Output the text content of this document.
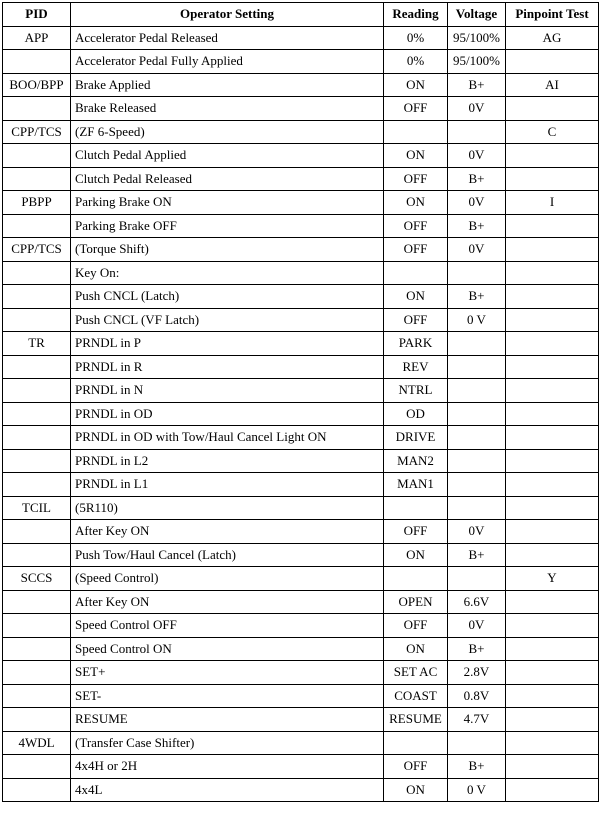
PID	Operator Setting	Reading	Voltage	Pinpoint Test
APP	Accelerator Pedal Released	0%	95/100%	AG
	Accelerator Pedal Fully Applied	0%	95/100%	
BOO/BPP	Brake Applied	ON	B+	AI
	Brake Released	OFF	0V	
CPP/TCS	(ZF 6-Speed)			C
	Clutch Pedal Applied	ON	0V	
	Clutch Pedal Released	OFF	B+	
PBPP	Parking Brake ON	ON	0V	I
	Parking Brake OFF	OFF	B+	
CPP/TCS	(Torque Shift)	OFF	0V	
	Key On:			
	Push CNCL (Latch)	ON	B+	
	Push CNCL (VF Latch)	OFF	0 V	
TR	PRNDL in P	PARK		
	PRNDL in R	REV		
	PRNDL in N	NTRL		
	PRNDL in OD	OD		
	PRNDL in OD with Tow/Haul Cancel Light ON	DRIVE		
	PRNDL in L2	MAN2		
	PRNDL in L1	MAN1		
TCIL	(5R110)			
	After Key ON	OFF	0V	
	Push Tow/Haul Cancel (Latch)	ON	B+	
SCCS	(Speed Control)			Y
	After Key ON	OPEN	6.6V	
	Speed Control OFF	OFF	0V	
	Speed Control ON	ON	B+	
	SET+	SET AC	2.8V	
	SET-	COAST	0.8V	
	RESUME	RESUME	4.7V	
4WDL	(Transfer Case Shifter)			
	4x4H or 2H	OFF	B+	
	4x4L	ON	0 V	
